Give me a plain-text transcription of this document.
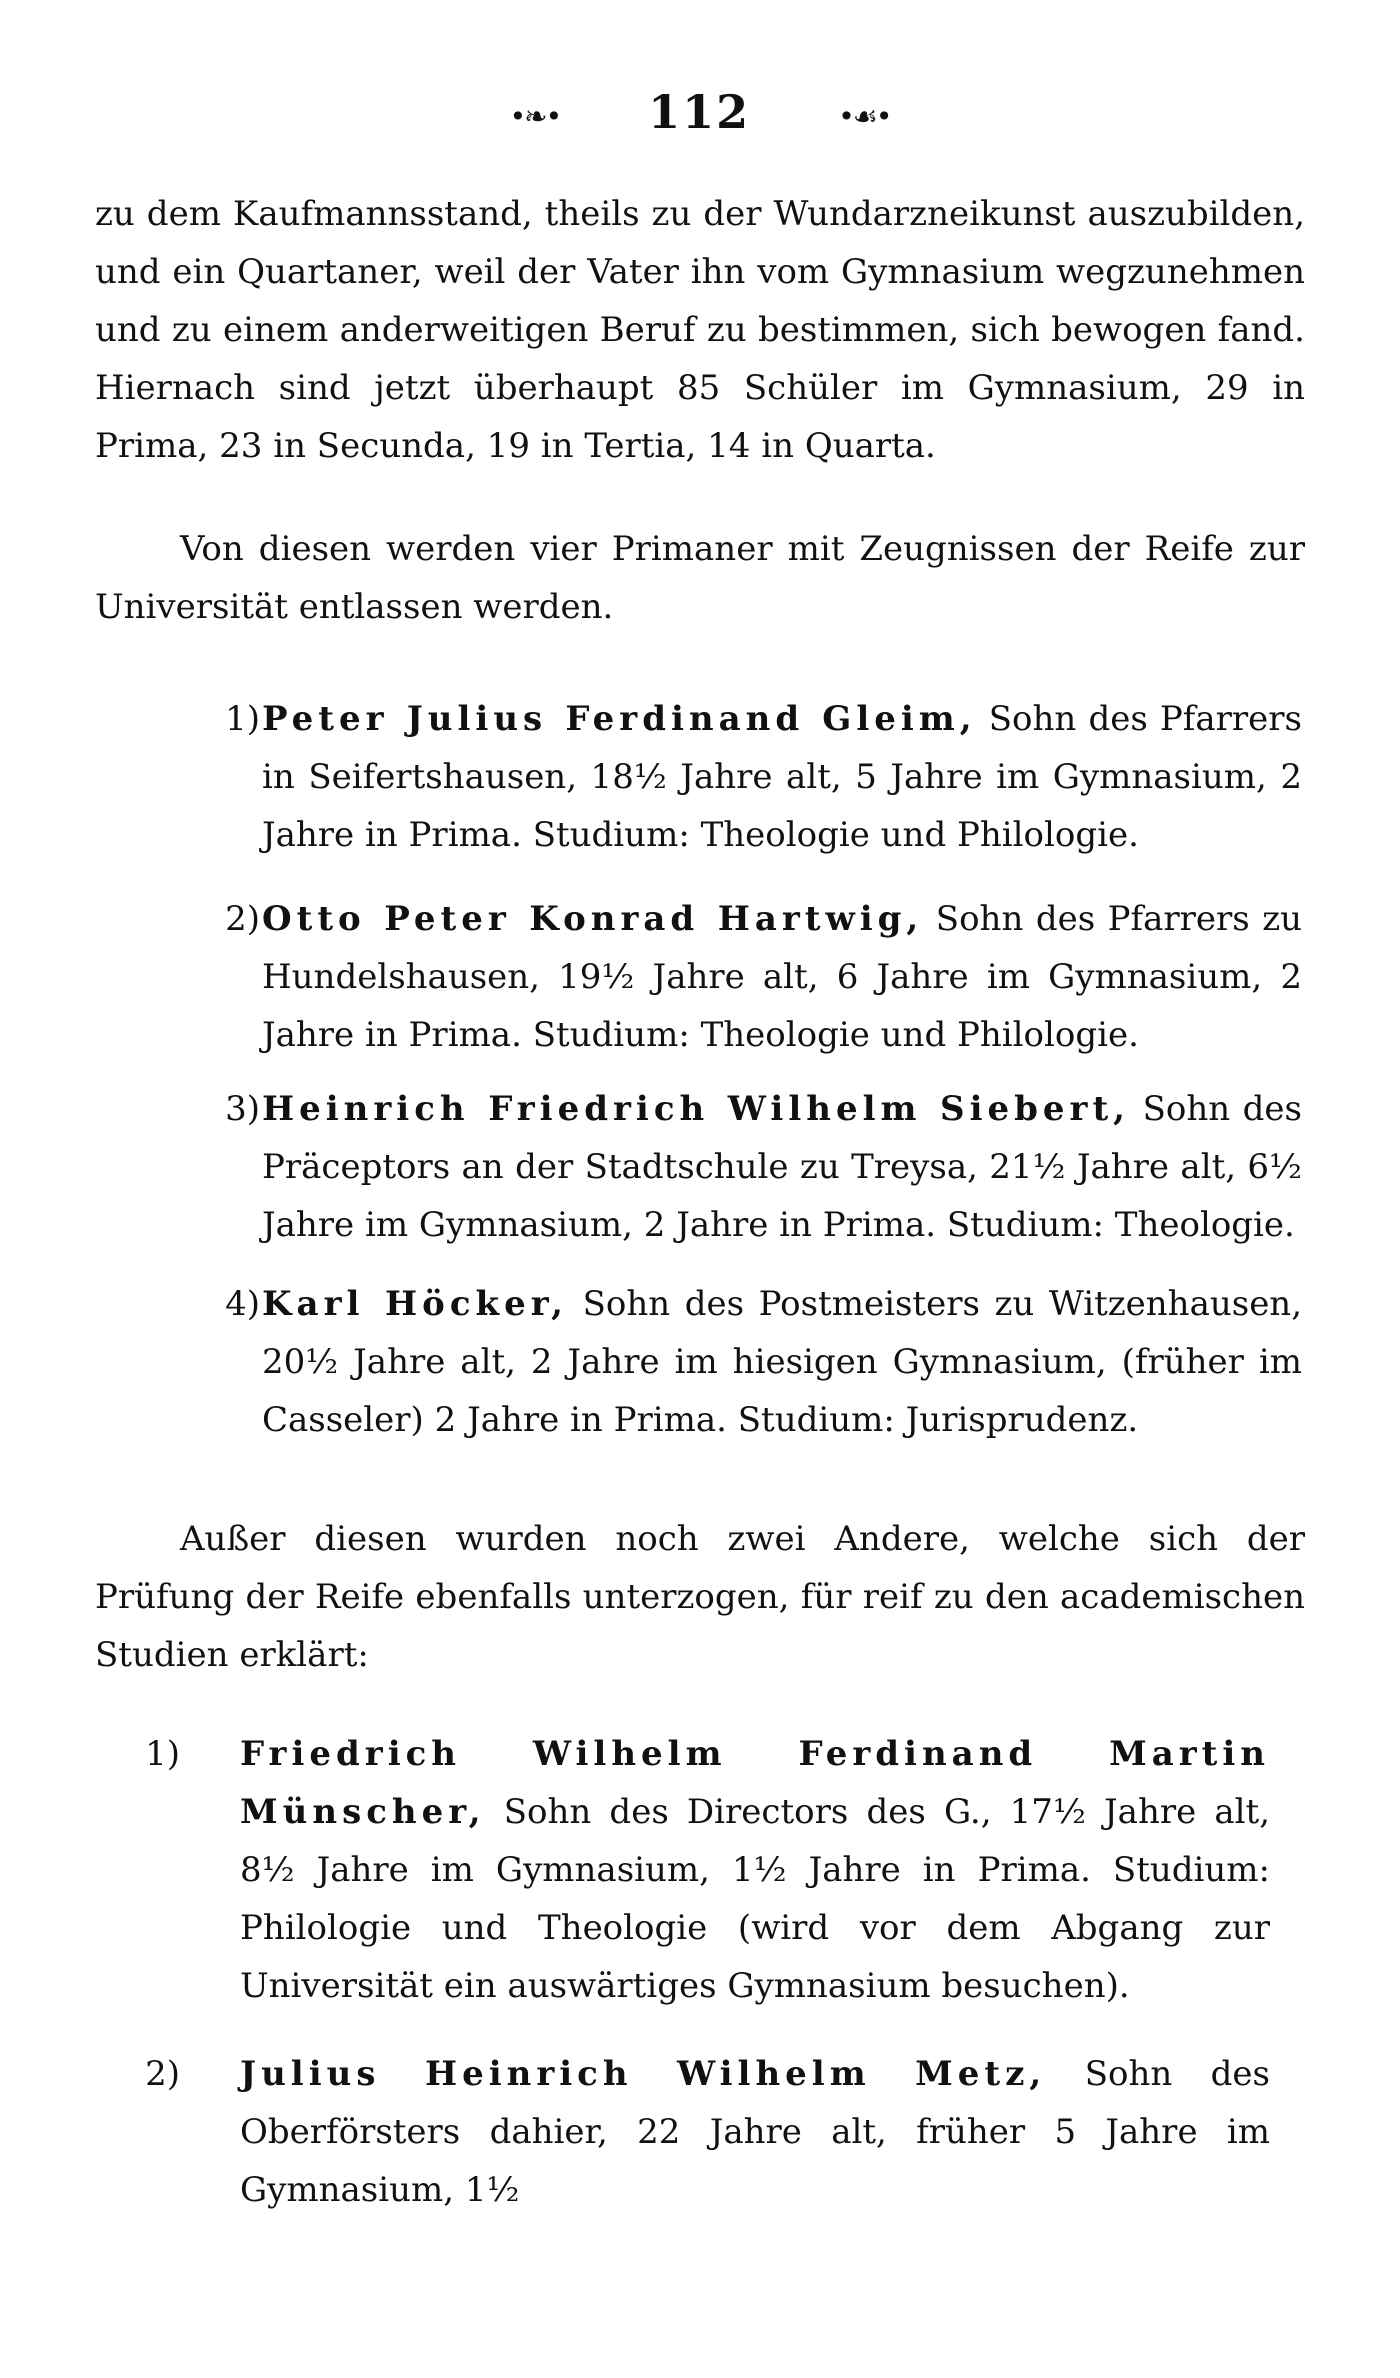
•❧• 112	•☙•
zu dem Kaufmannsstand, theils zu der Wundarzneikunst auszubilden, und ein Quartaner, weil der Vater ihn vom Gymnasium wegzunehmen und zu einem anderweitigen Beruf zu bestimmen, sich bewogen fand. Hiernach sind jetzt überhaupt 85 Schüler im Gymnasium, 29 in Prima, 23 in Secunda, 19 in Tertia, 14 in Quarta.
Von diesen werden vier Primaner mit Zeugnissen der Reife zur Universität entlassen werden.
1) Peter Julius Ferdinand Gleim, Sohn des Pfarrers in Seifertshausen, 18½ Jahre alt, 5 Jahre im Gymnasium, 2 Jahre in Prima. Studium: Theologie und Philologie.
2) Otto Peter Konrad Hartwig, Sohn des Pfarrers zu Hundelshausen, 19½ Jahre alt, 6 Jahre im Gymnasium, 2 Jahre in Prima. Studium: Theologie und Philologie.
3) Heinrich Friedrich Wilhelm Siebert, Sohn des Präceptors an der Stadtschule zu Treysa, 21½ Jahre alt, 6½ Jahre im Gymnasium, 2 Jahre in Prima. Studium: Theologie.
4) Karl Höcker, Sohn des Postmeisters zu Witzenhausen, 20½ Jahre alt, 2 Jahre im hiesigen Gymnasium, (früher im Casseler) 2 Jahre in Prima. Studium: Jurisprudenz.
Außer diesen wurden noch zwei Andere, welche sich der Prüfung der Reife ebenfalls unterzogen, für reif zu den academischen Studien erklärt:
1) Friedrich Wilhelm Ferdinand Martin Münscher, Sohn des Directors des G., 17½ Jahre alt, 8½ Jahre im Gymnasium, 1½ Jahre in Prima. Studium: Philologie und Theologie (wird vor dem Abgang zur Universität ein auswärtiges Gymnasium besuchen).
2) Julius Heinrich Wilhelm Metz, Sohn des Oberförsters dahier, 22 Jahre alt, früher 5 Jahre im Gymnasium, 1½
